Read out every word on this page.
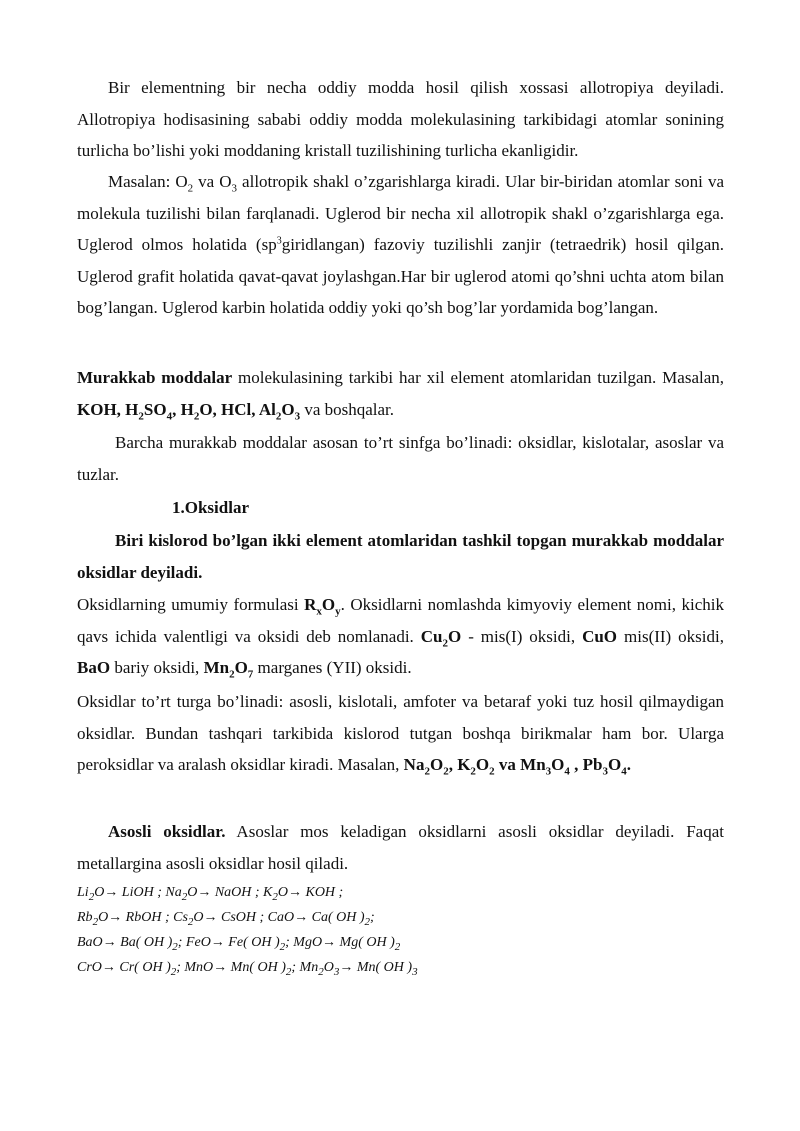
Bir elementning bir necha oddiy modda hosil qilish xossasi allotropiya deyiladi. Allotropiya hodisasining sababi oddiy modda molekulasining tarkibidagi atomlar sonining turlicha bo’lishi yoki moddaning kristall tuzilishining turlicha ekanligidir.
Masalan: $O_2$ va $O_3$ allotropik shakl o’zgarishlarga kiradi. Ular bir-biridan atomlar soni va molekula tuzilishi bilan farqlanadi. Uglerod bir necha xil allotropik shakl o’zgarishlarga ega. Uglerod olmos holatida $(sp^3giridlangan)$ fazoviy tuzilishli zanjir (tetraedrik) hosil qilgan. Uglerod grafit holatida qavat-qavat joylashgan.Har bir uglerod atomi qo’shni uchta atom bilan bog’langan. Uglerod karbin holatida oddiy yoki qo’sh bog’lar yordamida bog’langan.
Murakkab moddalar molekulasining tarkibi har xil element atomlaridan tuzilgan. Masalan, KOH, $H_2SO_4$, $H_2O$, HCl, $Al_2O_3$ va boshqalar.
Barcha murakkab moddalar asosan to’rt sinfga bo’linadi: oksidlar, kislotalar, asoslar va tuzlar.
1.Oksidlar
Biri kislorod bo’lgan ikki element atomlaridan tashkil topgan murakkab moddalar oksidlar deyiladi.
Oksidlarning umumiy formulasi $R_xO_y$. Oksidlarni nomlashda kimyoviy element nomi, kichik qavs ichida valentligi va oksidi deb nomlanadi. $Cu_2O - mis(I)$ oksidi, CuO mis(II) oksidi, BaO bariy oksidi, $Mn_2O_7$ marganes (YII) oksidi.
Oksidlar to’rt turga bo’linadi: asosli, kislotali, amfoter va betaraf yoki tuz hosil qilmaydigan oksidlar. Bundan tashqari tarkibida kislorod tutgan boshqa birikmalar ham bor. Ularga peroksidlar va aralash oksidlar kiradi. Masalan, $Na_2O_2$, $K_2O_2$ va $Mn_3O_4$ , $Pb_3O_4$.
Asosli oksidlar. Asoslar mos keladigan oksidlarni asosli oksidlar deyiladi. Faqat metallargina asosli oksidlar hosil qiladi.
$Li_2O\to$ LiOH ; $Na_2O\to$ NaOH ; $K_2O\to$ KOH ;
$Rb_2O\to$ RbOH ; $Cs_2O\to$ CsOH ; CaO→ Ca( OH )$_2$;
BaO→ Ba( OH )$_2$; FeO→ Fe( OH )$_2$; MgO→ Mg( OH )$_2$
CrO→ Cr( OH )$_2$; MnO→ Mn( OH )$_2$; $Mn_2O_3\to Mn$( OH )$_3$
